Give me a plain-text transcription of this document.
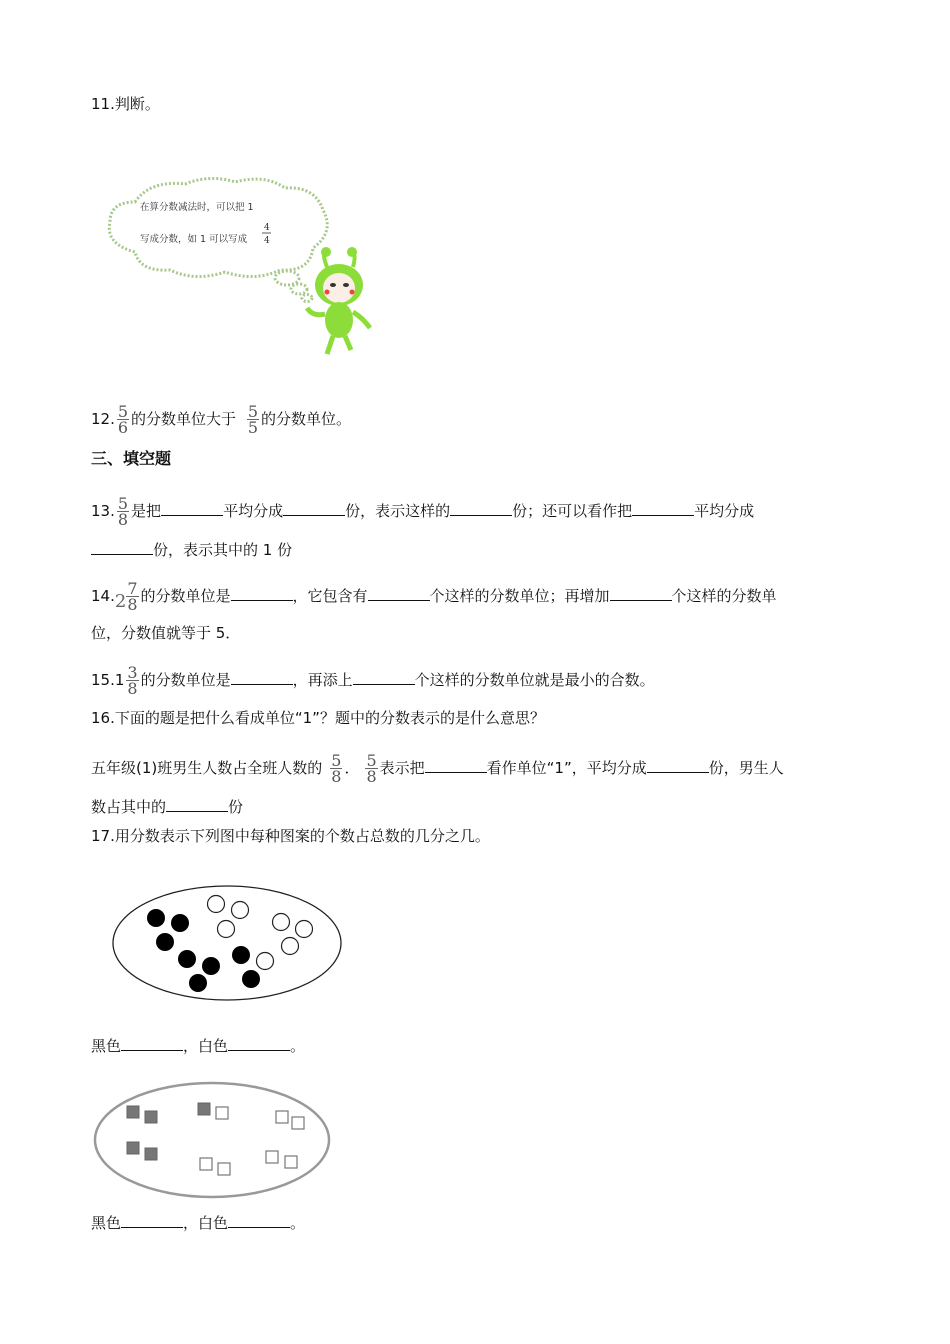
11.判断。
在算分数减法时，可以把 1
写成分数，如 1 可以写成
4
4
12. $\frac{5}{6}$ 的分数单位大于 $\frac{5}{5}$ 的分数单位。
三、填空题
13. $\frac{5}{8}$ 是把	平均分成	份，表示这样的	份；还可以看作把	平均分成
份，表示其中的 1 份
$14.2 \frac{7}{8}$ 的分数单位是	，它包含有	个这样的分数单位；再增加	个这样的分数单
位，分数值就等于 5．
$15.1 \frac{3}{8}$ 的分数单位是	，再添上	个这样的分数单位就是最小的合数。
16.下面的题是把什么看成单位“1”？题中的分数表示的是什么意思？
五年级(1)班男生人数占全班人数的 $\frac{5}{8}$ ． $\frac{5}{8}$ 表示把	看作单位“1”，平均分成	份，男生人
数占其中的	份
17.用分数表示下列图中每种图案的个数占总数的几分之几。
黑色	，白色	。
黑色	，白色	。
